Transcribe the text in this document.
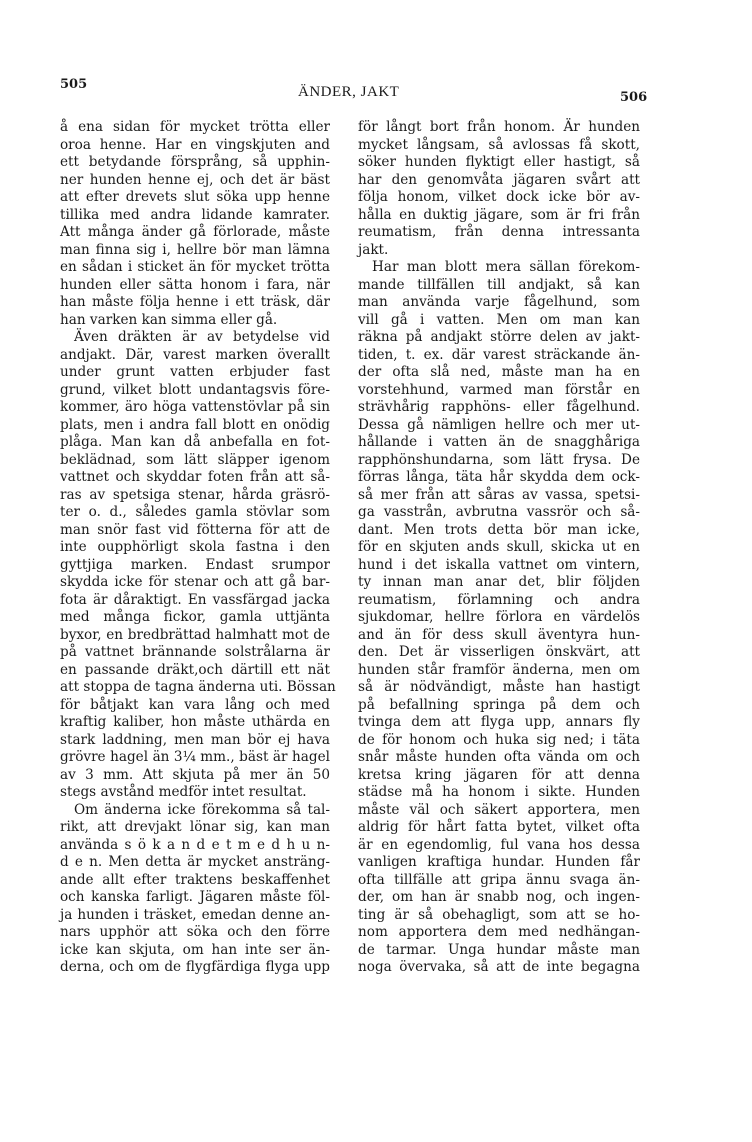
505	ÄNDER, JAKT	506
å ena sidan för mycket trötta eller
oroa henne. Har en vingskjuten and
ett betydande försprång, så upphin-
ner hunden henne ej, och det är bäst
att efter drevets slut söka upp henne
tillika med andra lidande kamrater.
Att många änder gå förlorade, måste
man finna sig i, hellre bör man lämna
en sådan i sticket än för mycket trötta
hunden eller sätta honom i fara, när
han måste följa henne i ett träsk, där
han varken kan simma eller gå.
Även dräkten är av betydelse vid
andjakt. Där, varest marken överallt
under grunt vatten erbjuder fast
grund, vilket blott undantagsvis före-
kommer, äro höga vattenstövlar på sin
plats, men i andra fall blott en onödig
plåga. Man kan då anbefalla en fot-
beklädnad, som lätt släpper igenom
vattnet och skyddar foten från att så-
ras av spetsiga stenar, hårda gräsrö-
ter o. d., således gamla stövlar som
man snör fast vid fötterna för att de
inte oupphörligt skola fastna i den
gyttjiga marken. Endast srumpor
skydda icke för stenar och att gå bar-
fota är dåraktigt. En vassfärgad jacka
med många fickor, gamla uttjänta
byxor, en bredbrättad halmhatt mot de
på vattnet brännande solstrålarna är
en passande dräkt,och därtill ett nät
att stoppa de tagna änderna uti. Bössan
för båtjakt kan vara lång och med
kraftig kaliber, hon måste uthärda en
stark laddning, men man bör ej hava
grövre hagel än 3¼ mm., bäst är hagel
av 3 mm. Att skjuta på mer än 50
stegs avstånd medför intet resultat.
Om änderna icke förekomma så tal-
rikt, att drevjakt lönar sig, kan man
använda s ö k a n d e t m e d h u n-
d e n. Men detta är mycket ansträng-
ande allt efter traktens beskaffenhet
och kanska farligt. Jägaren måste föl-
ja hunden i träsket, emedan denne an-
nars upphör att söka och den förre
icke kan skjuta, om han inte ser än-
derna, och om de flygfärdiga flyga upp
för långt bort från honom. Är hunden
mycket långsam, så avlossas få skott,
söker hunden flyktigt eller hastigt, så
har den genomvåta jägaren svårt att
följa honom, vilket dock icke bör av-
hålla en duktig jägare, som är fri från
reumatism, från denna intressanta
jakt.
Har man blott mera sällan förekom-
mande tillfällen till andjakt, så kan
man använda varje fågelhund, som
vill gå i vatten. Men om man kan
räkna på andjakt större delen av jakt-
tiden, t. ex. där varest sträckande än-
der ofta slå ned, måste man ha en
vorstehhund, varmed man förstår en
strävhårig rapphöns- eller fågelhund.
Dessa gå nämligen hellre och mer ut-
hållande i vatten än de snagghåriga
rapphönshundarna, som lätt frysa. De
förras långa, täta hår skydda dem ock-
så mer från att såras av vassa, spetsi-
ga vasstrån, avbrutna vassrör och så-
dant. Men trots detta bör man icke,
för en skjuten ands skull, skicka ut en
hund i det iskalla vattnet om vintern,
ty innan man anar det, blir följden
reumatism, förlamning och andra
sjukdomar, hellre förlora en värdelös
and än för dess skull äventyra hun-
den. Det är visserligen önskvärt, att
hunden står framför änderna, men om
så är nödvändigt, måste han hastigt
på befallning springa på dem och
tvinga dem att flyga upp, annars fly
de för honom och huka sig ned; i täta
snår måste hunden ofta vända om och
kretsa kring jägaren för att denna
städse må ha honom i sikte. Hunden
måste väl och säkert apportera, men
aldrig för hårt fatta bytet, vilket ofta
är en egendomlig, ful vana hos dessa
vanligen kraftiga hundar. Hunden får
ofta tillfälle att gripa ännu svaga än-
der, om han är snabb nog, och ingen-
ting är så obehagligt, som att se ho-
nom apportera dem med nedhängan-
de tarmar. Unga hundar måste man
noga övervaka, så att de inte begagna
